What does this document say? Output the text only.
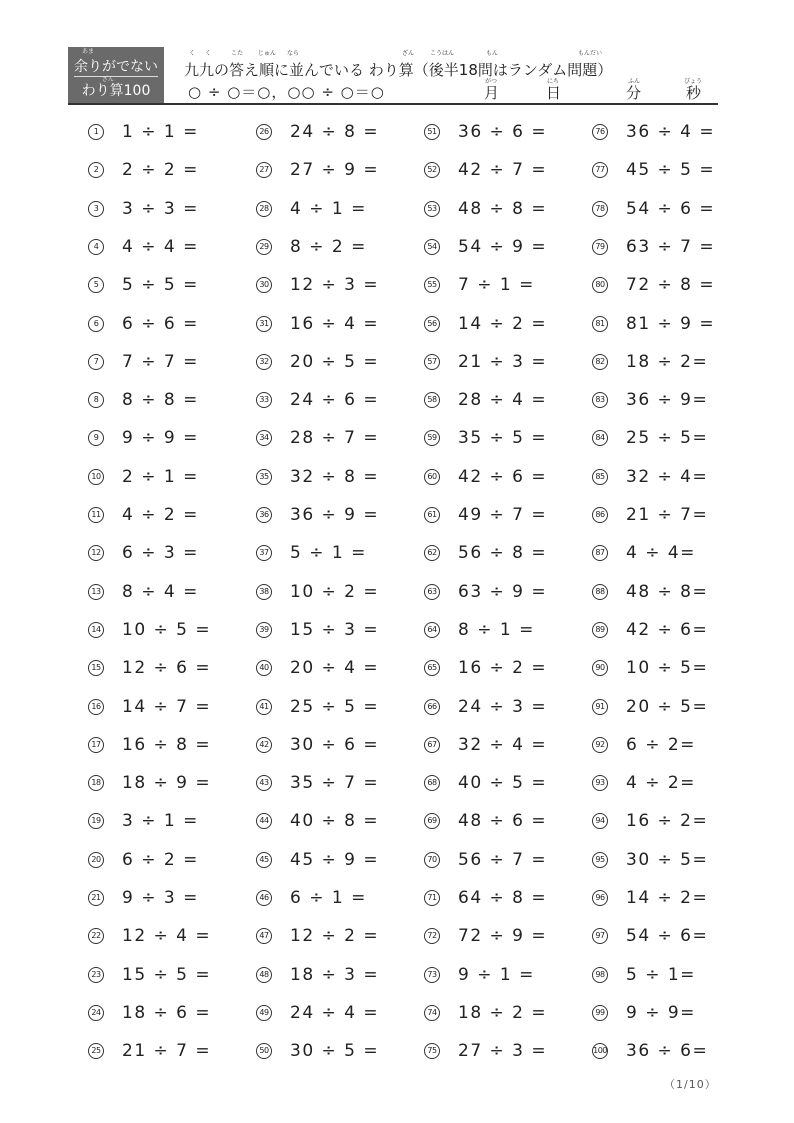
あま
余りがでない
ざん
わり算100
く く	こた じゅん なら	ざん	こうはん	もん	もんだい
九九の答え順に並んでいる わり算（後半18問はランダム問題）
○ ÷ ○＝○，○○ ÷ ○＝○
がつ	にち	ふん	びょう
月	日	分	秒
1	1 ÷ 1 =
2	2 ÷ 2 =
3	3 ÷ 3 =
4	4 ÷ 4 =
5	5 ÷ 5 =
6	6 ÷ 6 =
7	7 ÷ 7 =
8	8 ÷ 8 =
9	9 ÷ 9 =
10 2 ÷ 1 =
11 4 ÷ 2 =
12 6 ÷ 3 =
13 8 ÷ 4 =
14 10 ÷ 5 =
15 12 ÷ 6 =
16 14 ÷ 7 =
17 16 ÷ 8 =
18 18 ÷ 9 =
19 3 ÷ 1 =
20 6 ÷ 2 =
21 9 ÷ 3 =
22 12 ÷ 4 =
23 15 ÷ 5 =
24 18 ÷ 6 =
25 21 ÷ 7 =
26 24 ÷ 8 =
27 27 ÷ 9 =
28 4 ÷ 1 =
29 8 ÷ 2 =
30 12 ÷ 3 =
31 16 ÷ 4 =
32 20 ÷ 5 =
33 24 ÷ 6 =
34 28 ÷ 7 =
35 32 ÷ 8 =
36 36 ÷ 9 =
37 5 ÷ 1 =
38 10 ÷ 2 =
39 15 ÷ 3 =
40 20 ÷ 4 =
41 25 ÷ 5 =
42 30 ÷ 6 =
43 35 ÷ 7 =
44 40 ÷ 8 =
45 45 ÷ 9 =
46 6 ÷ 1 =
47 12 ÷ 2 =
48 18 ÷ 3 =
49 24 ÷ 4 =
50 30 ÷ 5 =
51 36 ÷ 6 =
52 42 ÷ 7 =
53 48 ÷ 8 =
54 54 ÷ 9 =
55 7 ÷ 1 =
56 14 ÷ 2 =
57 21 ÷ 3 =
58 28 ÷ 4 =
59 35 ÷ 5 =
60 42 ÷ 6 =
61 49 ÷ 7 =
62 56 ÷ 8 =
63 63 ÷ 9 =
64 8 ÷ 1 =
65 16 ÷ 2 =
66 24 ÷ 3 =
67 32 ÷ 4 =
68 40 ÷ 5 =
69 48 ÷ 6 =
70 56 ÷ 7 =
71 64 ÷ 8 =
72 72 ÷ 9 =
73 9 ÷ 1 =
74 18 ÷ 2 =
75 27 ÷ 3 =
76 36 ÷ 4 =
77 45 ÷ 5 =
78 54 ÷ 6 =
79 63 ÷ 7 =
80 72 ÷ 8 =
81 81 ÷ 9 =
82 18 ÷ 2=
83 36 ÷ 9=
84 25 ÷ 5=
85 32 ÷ 4=
86 21 ÷ 7=
87 4 ÷ 4=
88 48 ÷ 8=
89 42 ÷ 6=
90 10 ÷ 5=
91 20 ÷ 5=
92 6 ÷ 2=
93 4 ÷ 2=
94 16 ÷ 2=
95 30 ÷ 5=
96 14 ÷ 2=
97 54 ÷ 6=
98 5 ÷ 1=
99 9 ÷ 9=
100 36 ÷ 6=
（1/10）
